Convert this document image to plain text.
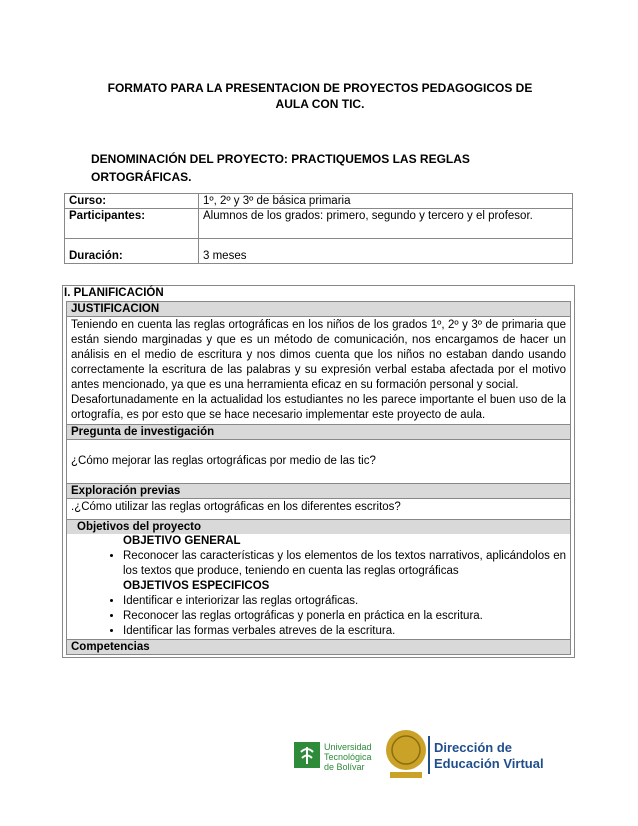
FORMATO PARA LA PRESENTACION DE PROYECTOS PEDAGOGICOS DE
AULA CON TIC.
DENOMINACIÓN DEL PROYECTO: PRACTIQUEMOS LAS REGLAS
ORTOGRÁFICAS.
Curso:	1º, 2º y 3º de básica primaria
Participantes:	Alumnos de los grados: primero, segundo y tercero y el profesor.
Duración:	3 meses
I. PLANIFICACIÓN
JUSTIFICACION
Teniendo en cuenta las reglas ortográficas en los niños de los grados 1º, 2º y 3º de primaria que están siendo marginadas y que es un método de comunicación, nos encargamos de hacer un análisis en el medio de escritura y nos dimos cuenta que los niños no estaban dando usando correctamente la escritura de las palabras y su expresión verbal estaba afectada por el motivo antes mencionado, ya que es una herramienta eficaz en su formación personal y social.
Desafortunadamente en la actualidad los estudiantes no les parece importante el buen uso de la ortografía, es por esto que se hace necesario implementar este proyecto de aula.
Pregunta de investigación
¿Cómo mejorar las reglas ortográficas por medio de las tic?
Exploración previas
.¿Cómo utilizar las reglas ortográficas en los diferentes escritos?
Objetivos del proyecto
OBJETIVO GENERAL
• Reconocer las características y los elementos de los textos narrativos, aplicándolos en los textos que produce, teniendo en cuenta las reglas ortográficas
OBJETIVOS ESPECIFICOS
• Identificar e interiorizar las reglas ortográficas.
• Reconocer las reglas ortográficas y ponerla en práctica en la escritura.
• Identificar las formas verbales atreves de la escritura.
Competencias
Universidad
Tecnológica
de Bolívar
Dirección de
Educación Virtual
